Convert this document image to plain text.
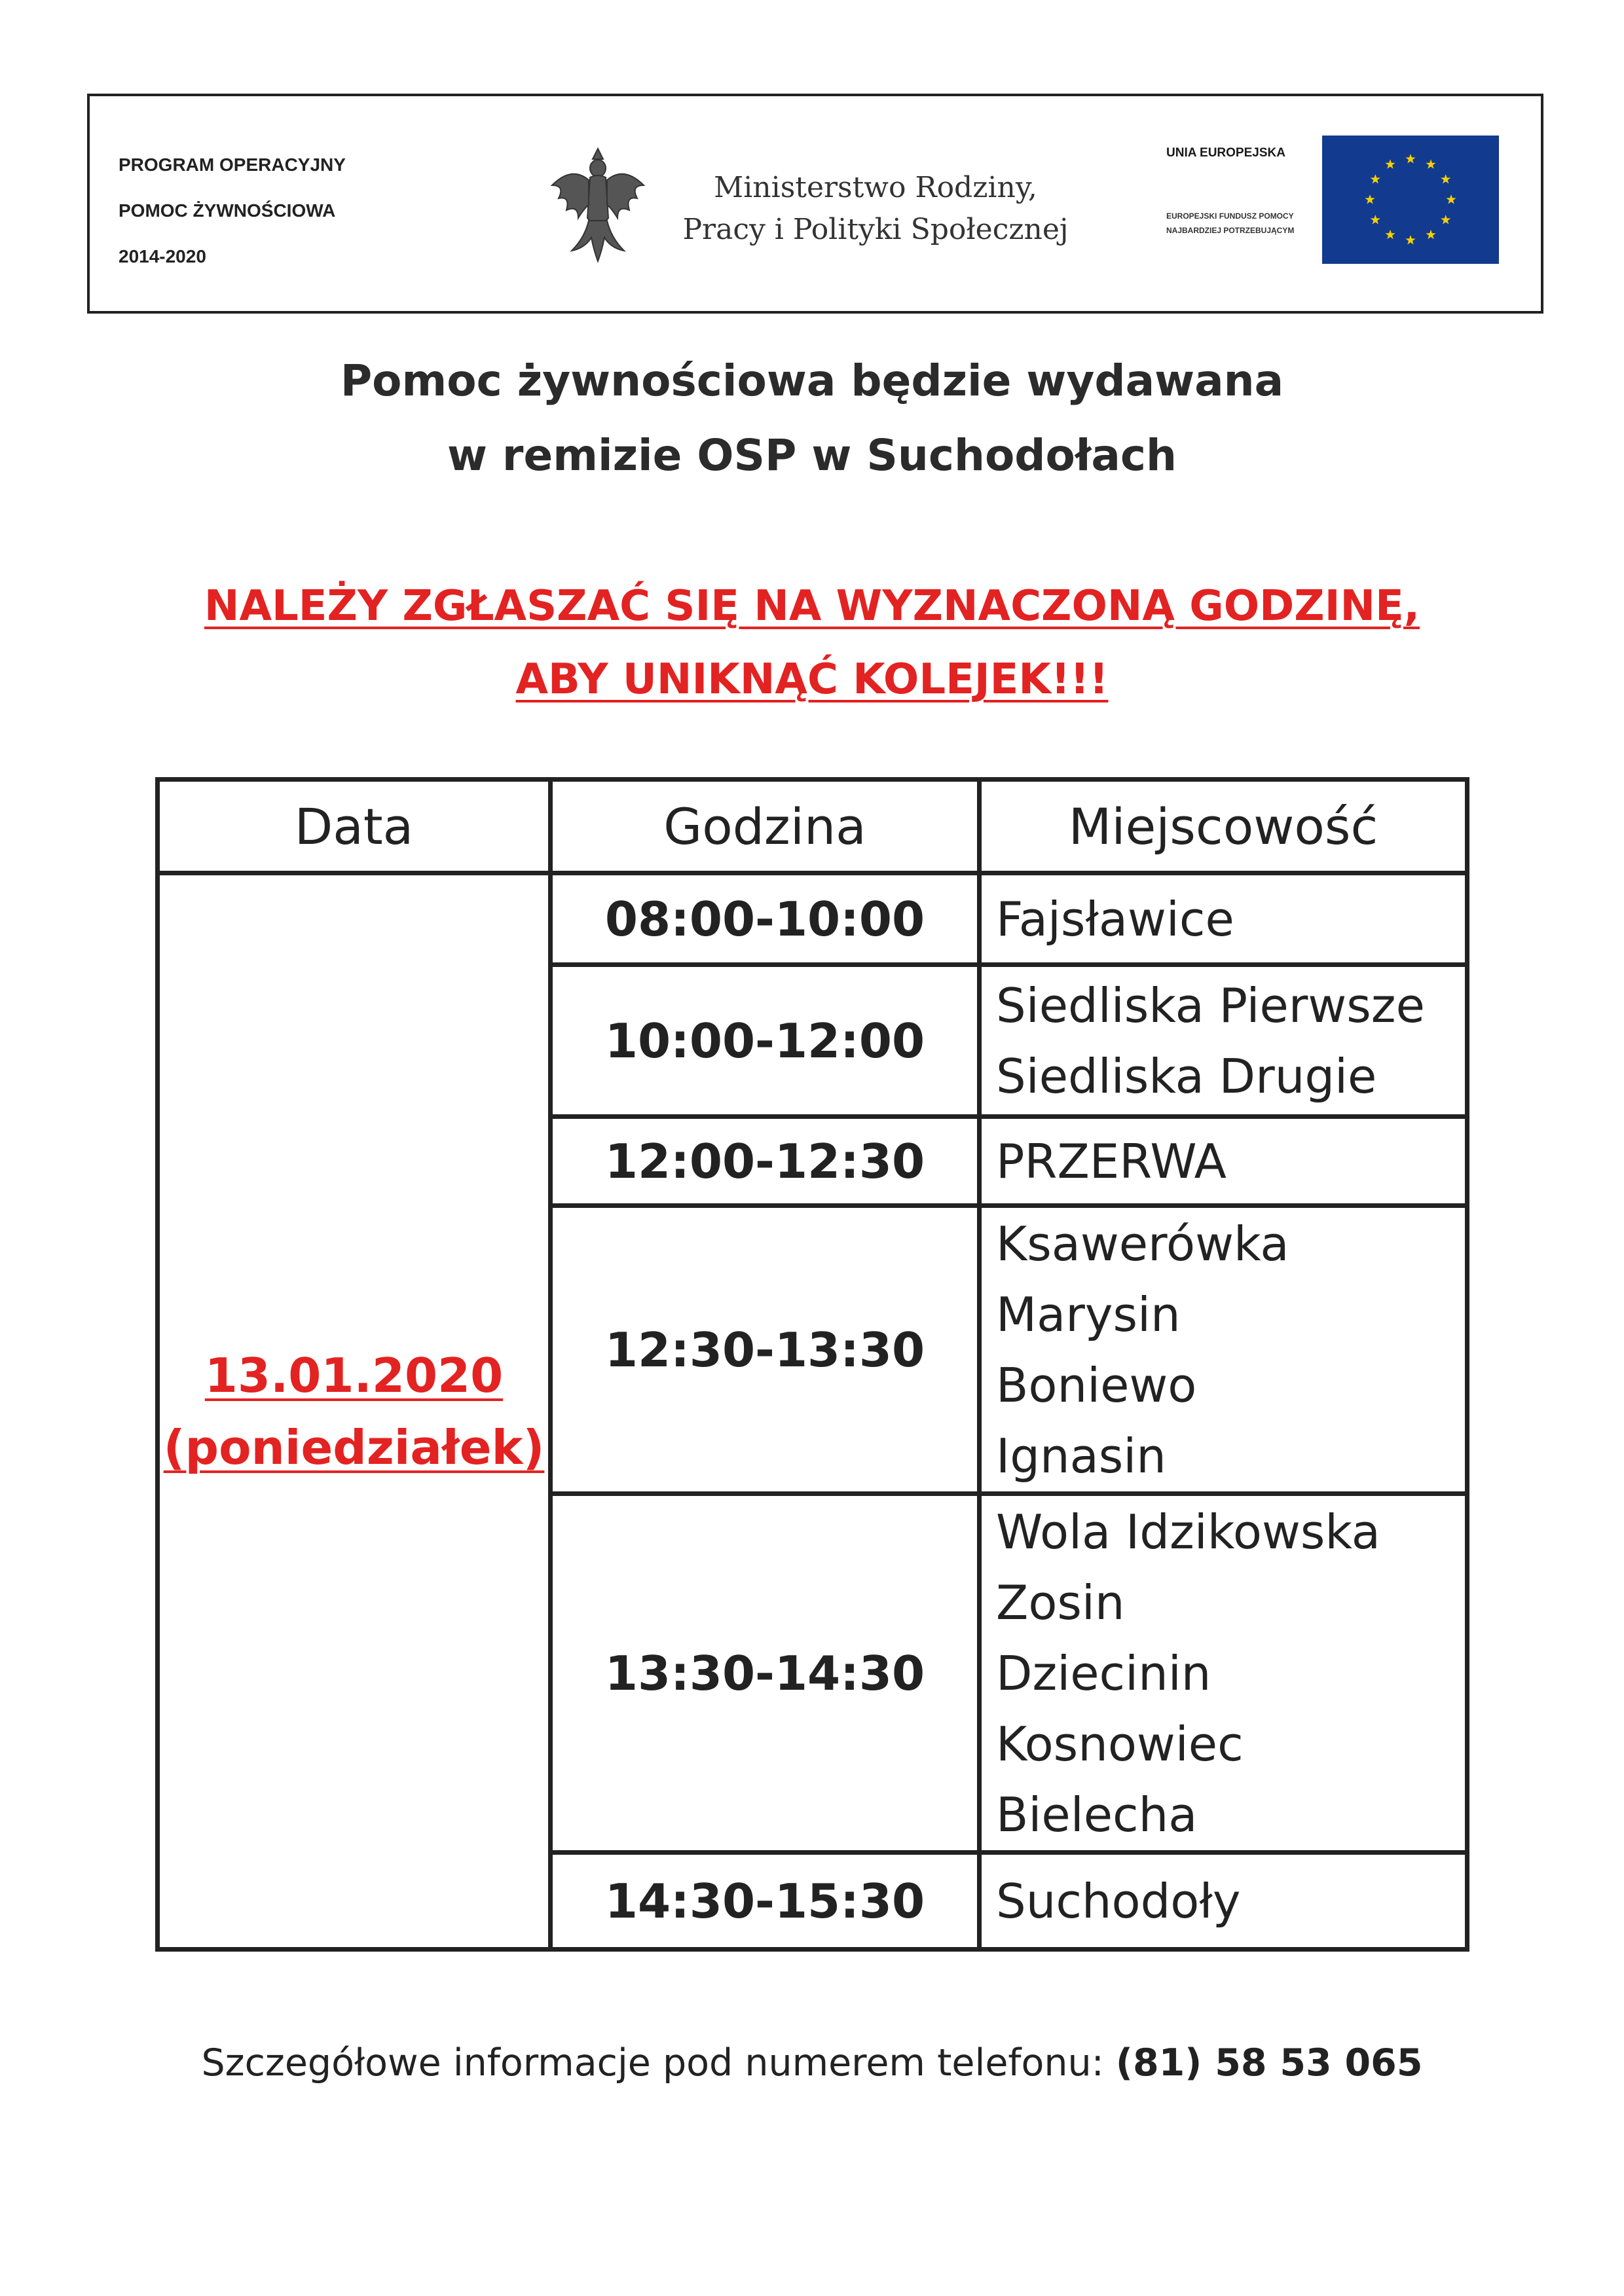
PROGRAM OPERACYJNY
POMOC ŻYWNOŚCIOWA
2014-2020
Ministerstwo Rodziny,
Pracy i Polityki Społecznej
UNIA EUROPEJSKA
EUROPEJSKI FUNDUSZ POMOCY
NAJBARDZIEJ POTRZEBUJĄCYM
Pomoc żywnościowa będzie wydawana
w remizie OSP w Suchodołach
NALEŻY ZGŁASZAĆ SIĘ NA WYZNACZONĄ GODZINĘ,
ABY UNIKNĄĆ KOLEJEK!!!
Data	Godzina	Miejscowość

13.01.2020
(poniedziałek)	08:00-10:00	Fajsławice

	10:00-12:00	Siedliska Pierwsze
Siedliska Drugie

	12:00-12:30	PRZERWA

	12:30-13:30	Ksawerówka
Marysin
Boniewo
Ignasin

	13:30-14:30	Wola Idzikowska
Zosin
Dziecinin
Kosnowiec
Bielecha

	14:30-15:30	Suchodoły
Szczegółowe informacje pod numerem telefonu: (81) 58 53 065
